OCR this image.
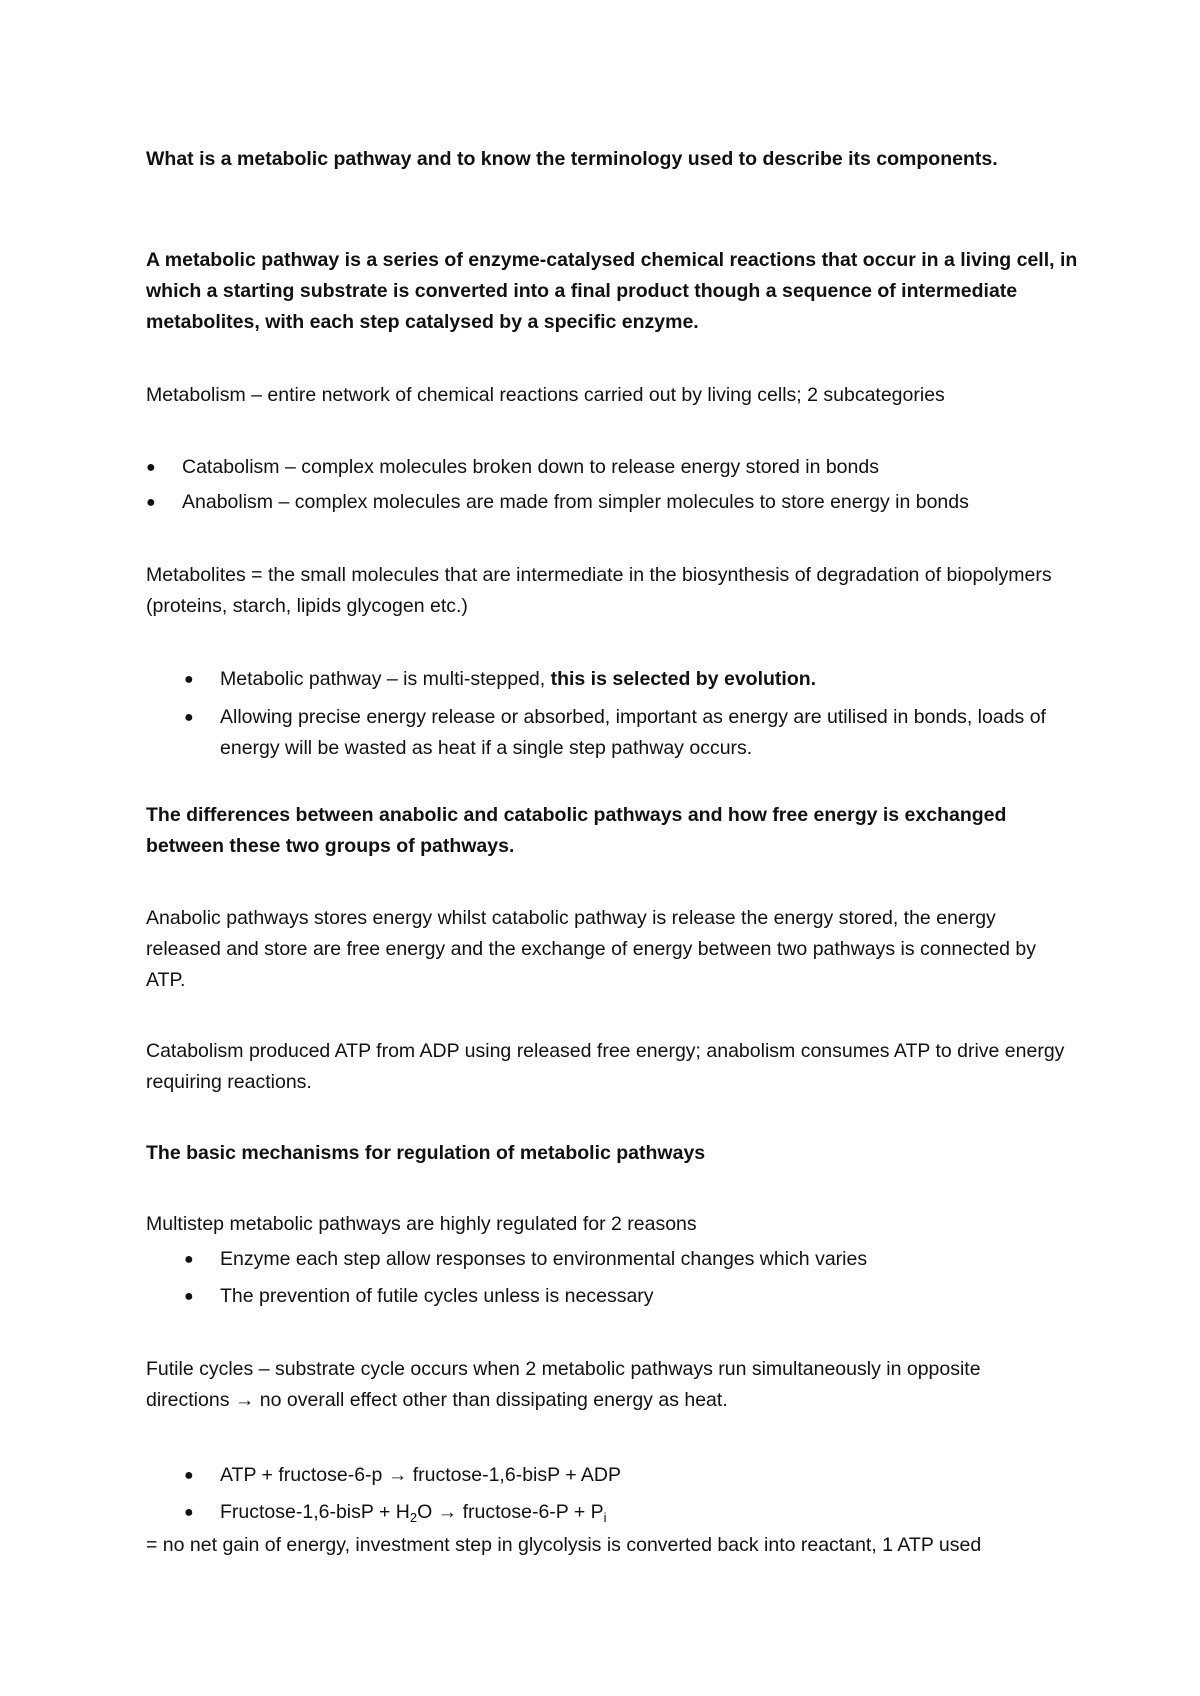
What is a metabolic pathway and to know the terminology used to describe its components.

A metabolic pathway is a series of enzyme-catalysed chemical reactions that occur in a living cell, in which a starting substrate is converted into a final product though a sequence of intermediate metabolites, with each step catalysed by a specific enzyme.

Metabolism – entire network of chemical reactions carried out by living cells; 2 subcategories

●	Catabolism – complex molecules broken down to release energy stored in bonds
●	Anabolism – complex molecules are made from simpler molecules to store energy in bonds

Metabolites = the small molecules that are intermediate in the biosynthesis of degradation of biopolymers (proteins, starch, lipids glycogen etc.)

●	Metabolic pathway – is multi-stepped, this is selected by evolution.
●	Allowing precise energy release or absorbed, important as energy are utilised in bonds, loads of energy will be wasted as heat if a single step pathway occurs.

The differences between anabolic and catabolic pathways and how free energy is exchanged between these two groups of pathways.

Anabolic pathways stores energy whilst catabolic pathway is release the energy stored, the energy released and store are free energy and the exchange of energy between two pathways is connected by ATP.

Catabolism produced ATP from ADP using released free energy; anabolism consumes ATP to drive energy requiring reactions.

The basic mechanisms for regulation of metabolic pathways

Multistep metabolic pathways are highly regulated for 2 reasons

●	Enzyme each step allow responses to environmental changes which varies
●	The prevention of futile cycles unless is necessary

Futile cycles – substrate cycle occurs when 2 metabolic pathways run simultaneously in opposite directions → no overall effect other than dissipating energy as heat.

●	ATP + fructose-6-p → fructose-1,6-bisP + ADP
●	Fructose-1,6-bisP + $H_2O$ → fructose-6-P + $P_i$

= no net gain of energy, investment step in glycolysis is converted back into reactant, 1 ATP used
